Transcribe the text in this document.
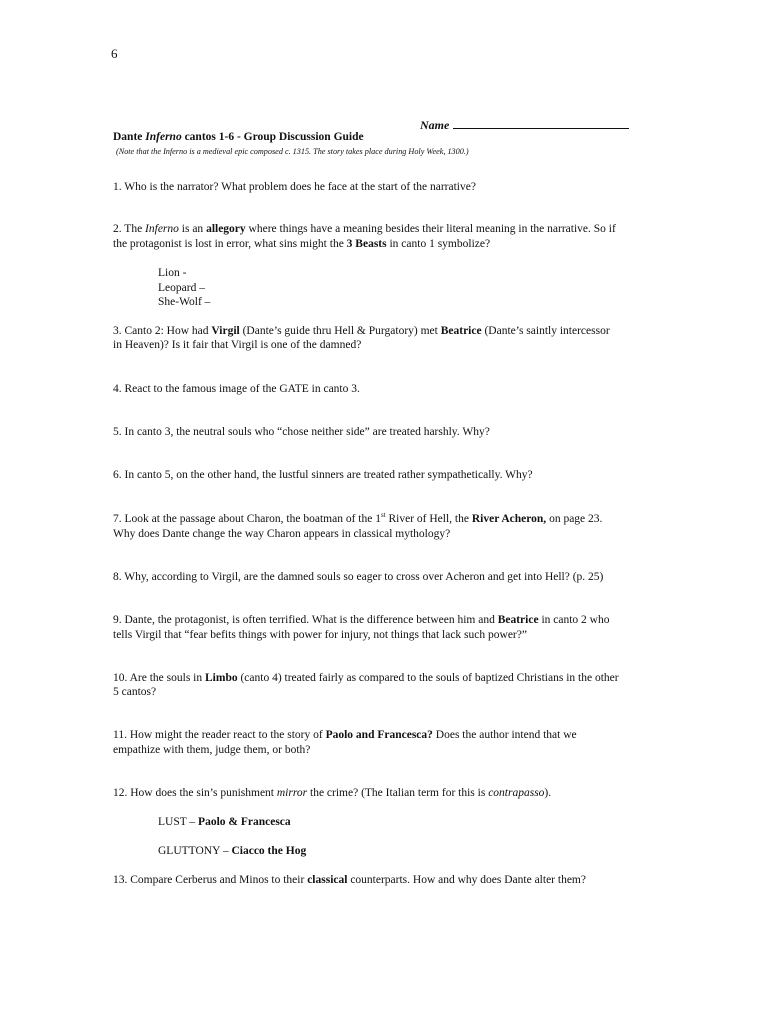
6
Name
Dante Inferno cantos 1-6 - Group Discussion Guide
(Note that the Inferno is a medieval epic composed c. 1315. The story takes place during Holy Week, 1300.)
1. Who is the narrator? What problem does he face at the start of the narrative?
2. The Inferno is an allegory where things have a meaning besides their literal meaning in the narrative. So if
the protagonist is lost in error, what sins might the 3 Beasts in canto 1 symbolize?
Lion -
Leopard –
She-Wolf –
3. Canto 2: How had Virgil (Dante’s guide thru Hell & Purgatory) met Beatrice (Dante’s saintly intercessor
in Heaven)? Is it fair that Virgil is one of the damned?
4. React to the famous image of the GATE in canto 3.
5. In canto 3, the neutral souls who “chose neither side” are treated harshly. Why?
6. In canto 5, on the other hand, the lustful sinners are treated rather sympathetically. Why?
7. Look at the passage about Charon, the boatman of the 1st River of Hell, the River Acheron, on page 23.
Why does Dante change the way Charon appears in classical mythology?
8. Why, according to Virgil, are the damned souls so eager to cross over Acheron and get into Hell? (p. 25)
9. Dante, the protagonist, is often terrified. What is the difference between him and Beatrice in canto 2 who
tells Virgil that “fear befits things with power for injury, not things that lack such power?”
10. Are the souls in Limbo (canto 4) treated fairly as compared to the souls of baptized Christians in the other
5 cantos?
11. How might the reader react to the story of Paolo and Francesca? Does the author intend that we
empathize with them, judge them, or both?
12. How does the sin’s punishment mirror the crime? (The Italian term for this is contrapasso).
LUST – Paolo & Francesca
GLUTTONY – Ciacco the Hog
13. Compare Cerberus and Minos to their classical counterparts. How and why does Dante alter them?
